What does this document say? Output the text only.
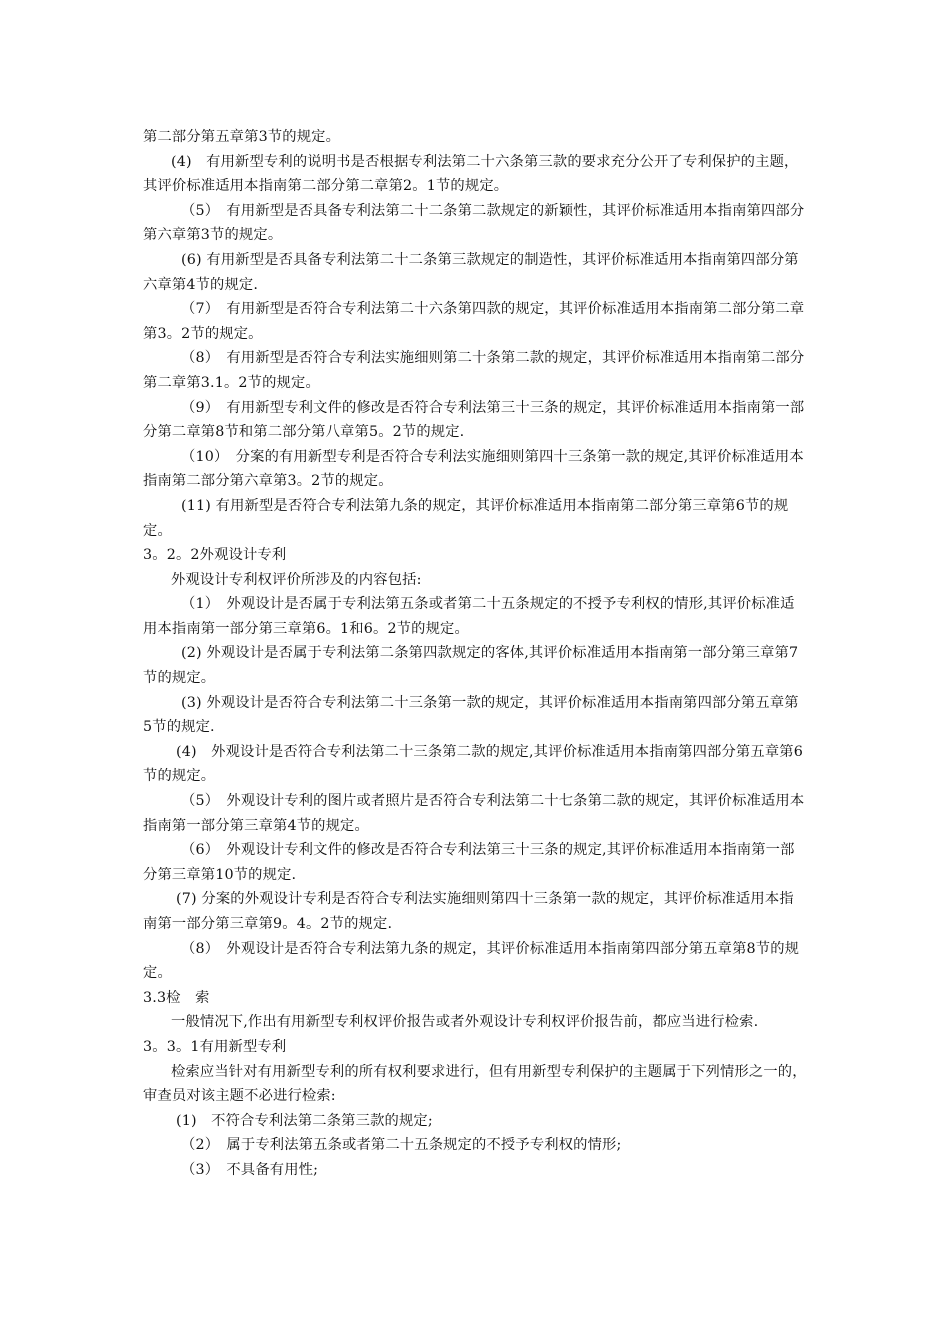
第二部分第五章第3节的规定。

(4)　有用新型专利的说明书是否根据专利法第二十六条第三款的要求充分公开了专利保护的主题，其评价标准适用本指南第二部分第二章第2。1节的规定。

（5）　有用新型是否具备专利法第二十二条第二款规定的新颖性，其评价标准适用本指南第四部分第六章第3节的规定。

(6) 有用新型是否具备专利法第二十二条第三款规定的制造性，其评价标准适用本指南第四部分第六章第4节的规定.

（7）　有用新型是否符合专利法第二十六条第四款的规定，其评价标准适用本指南第二部分第二章第3。2节的规定。

（8）　有用新型是否符合专利法实施细则第二十条第二款的规定，其评价标准适用本指南第二部分第二章第3.1。2节的规定。

（9）　有用新型专利文件的修改是否符合专利法第三十三条的规定，其评价标准适用本指南第一部分第二章第8节和第二部分第八章第5。2节的规定.

（10）　分案的有用新型专利是否符合专利法实施细则第四十三条第一款的规定,其评价标准适用本指南第二部分第六章第3。2节的规定。

(11) 有用新型是否符合专利法第九条的规定，其评价标准适用本指南第二部分第三章第6节的规定。

3。2。2外观设计专利

外观设计专利权评价所涉及的内容包括:

（1）　外观设计是否属于专利法第五条或者第二十五条规定的不授予专利权的情形,其评价标准适用本指南第一部分第三章第6。1和6。2节的规定。

(2) 外观设计是否属于专利法第二条第四款规定的客体,其评价标准适用本指南第一部分第三章第7节的规定。

(3) 外观设计是否符合专利法第二十三条第一款的规定，其评价标准适用本指南第四部分第五章第5节的规定.

(4)　外观设计是否符合专利法第二十三条第二款的规定,其评价标准适用本指南第四部分第五章第6节的规定。

（5）　外观设计专利的图片或者照片是否符合专利法第二十七条第二款的规定，其评价标准适用本指南第一部分第三章第4节的规定。

（6）　外观设计专利文件的修改是否符合专利法第三十三条的规定,其评价标准适用本指南第一部分第三章第10节的规定.

(7) 分案的外观设计专利是否符合专利法实施细则第四十三条第一款的规定，其评价标准适用本指南第一部分第三章第9。4。2节的规定.

（8）　外观设计是否符合专利法第九条的规定，其评价标准适用本指南第四部分第五章第8节的规定。

3.3检　索

一般情况下,作出有用新型专利权评价报告或者外观设计专利权评价报告前，都应当进行检索.

3。3。1有用新型专利

检索应当针对有用新型专利的所有权利要求进行，但有用新型专利保护的主题属于下列情形之一的，审查员对该主题不必进行检索:

(1)　不符合专利法第二条第三款的规定;

（2）　属于专利法第五条或者第二十五条规定的不授予专利权的情形;

（3）　不具备有用性;
